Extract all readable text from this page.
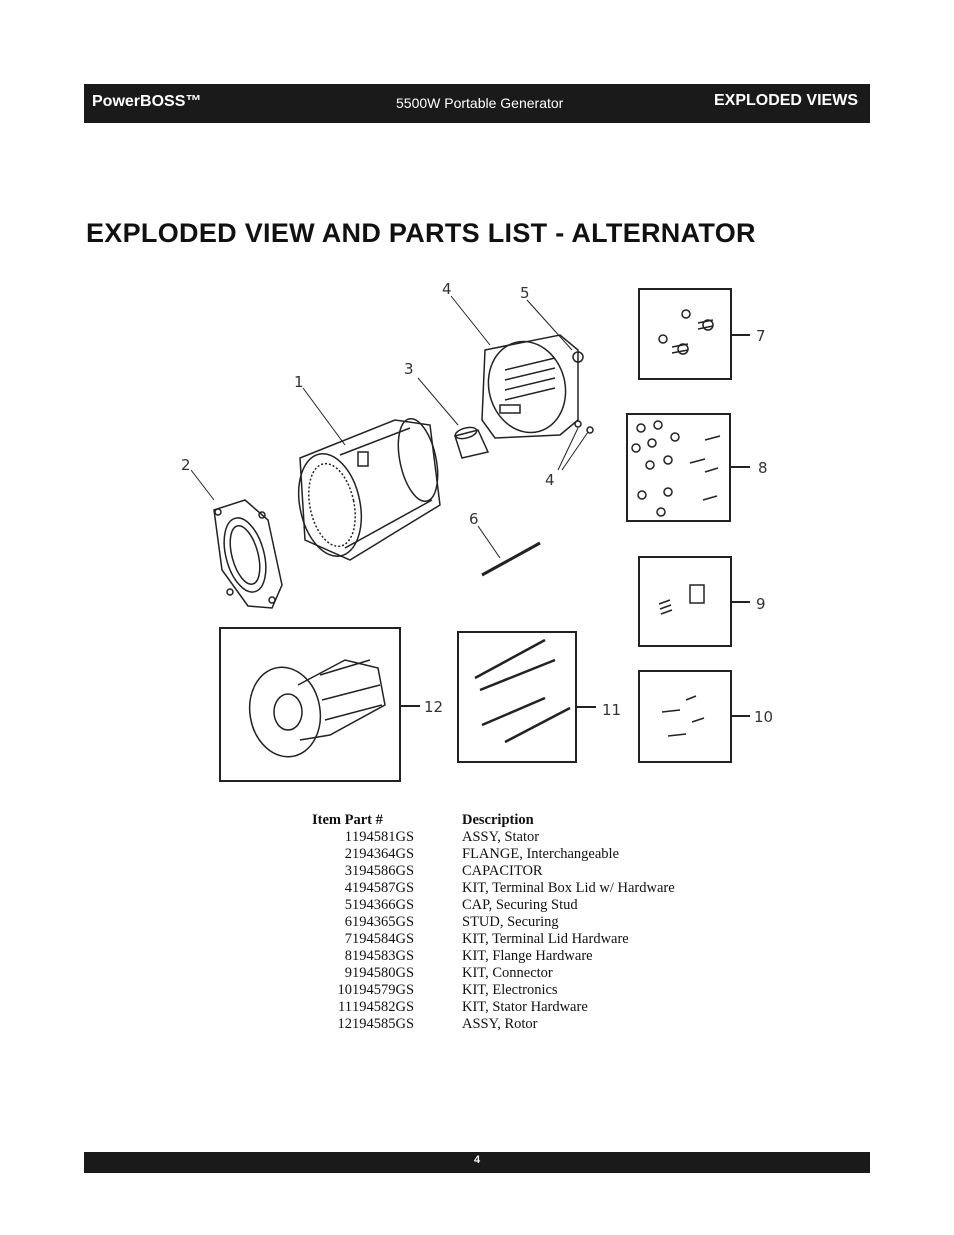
PowerBOSS™	5500W Portable Generator	EXPLODED VIEWS
EXPLODED VIEW AND PARTS LIST - ALTERNATOR
1
2
3
4	5
4
6
7
8
9
10
11
12
Item Part #		Description
1	194581GS	ASSY, Stator
2	194364GS	FLANGE, Interchangeable
3	194586GS	CAPACITOR
4	194587GS	KIT, Terminal Box Lid w/ Hardware
5	194366GS	CAP, Securing Stud
6	194365GS	STUD, Securing
7	194584GS	KIT, Terminal Lid Hardware
8	194583GS	KIT, Flange Hardware
9	194580GS	KIT, Connector
10	194579GS	KIT, Electronics
11	194582GS	KIT, Stator Hardware
12	194585GS	ASSY, Rotor
4
